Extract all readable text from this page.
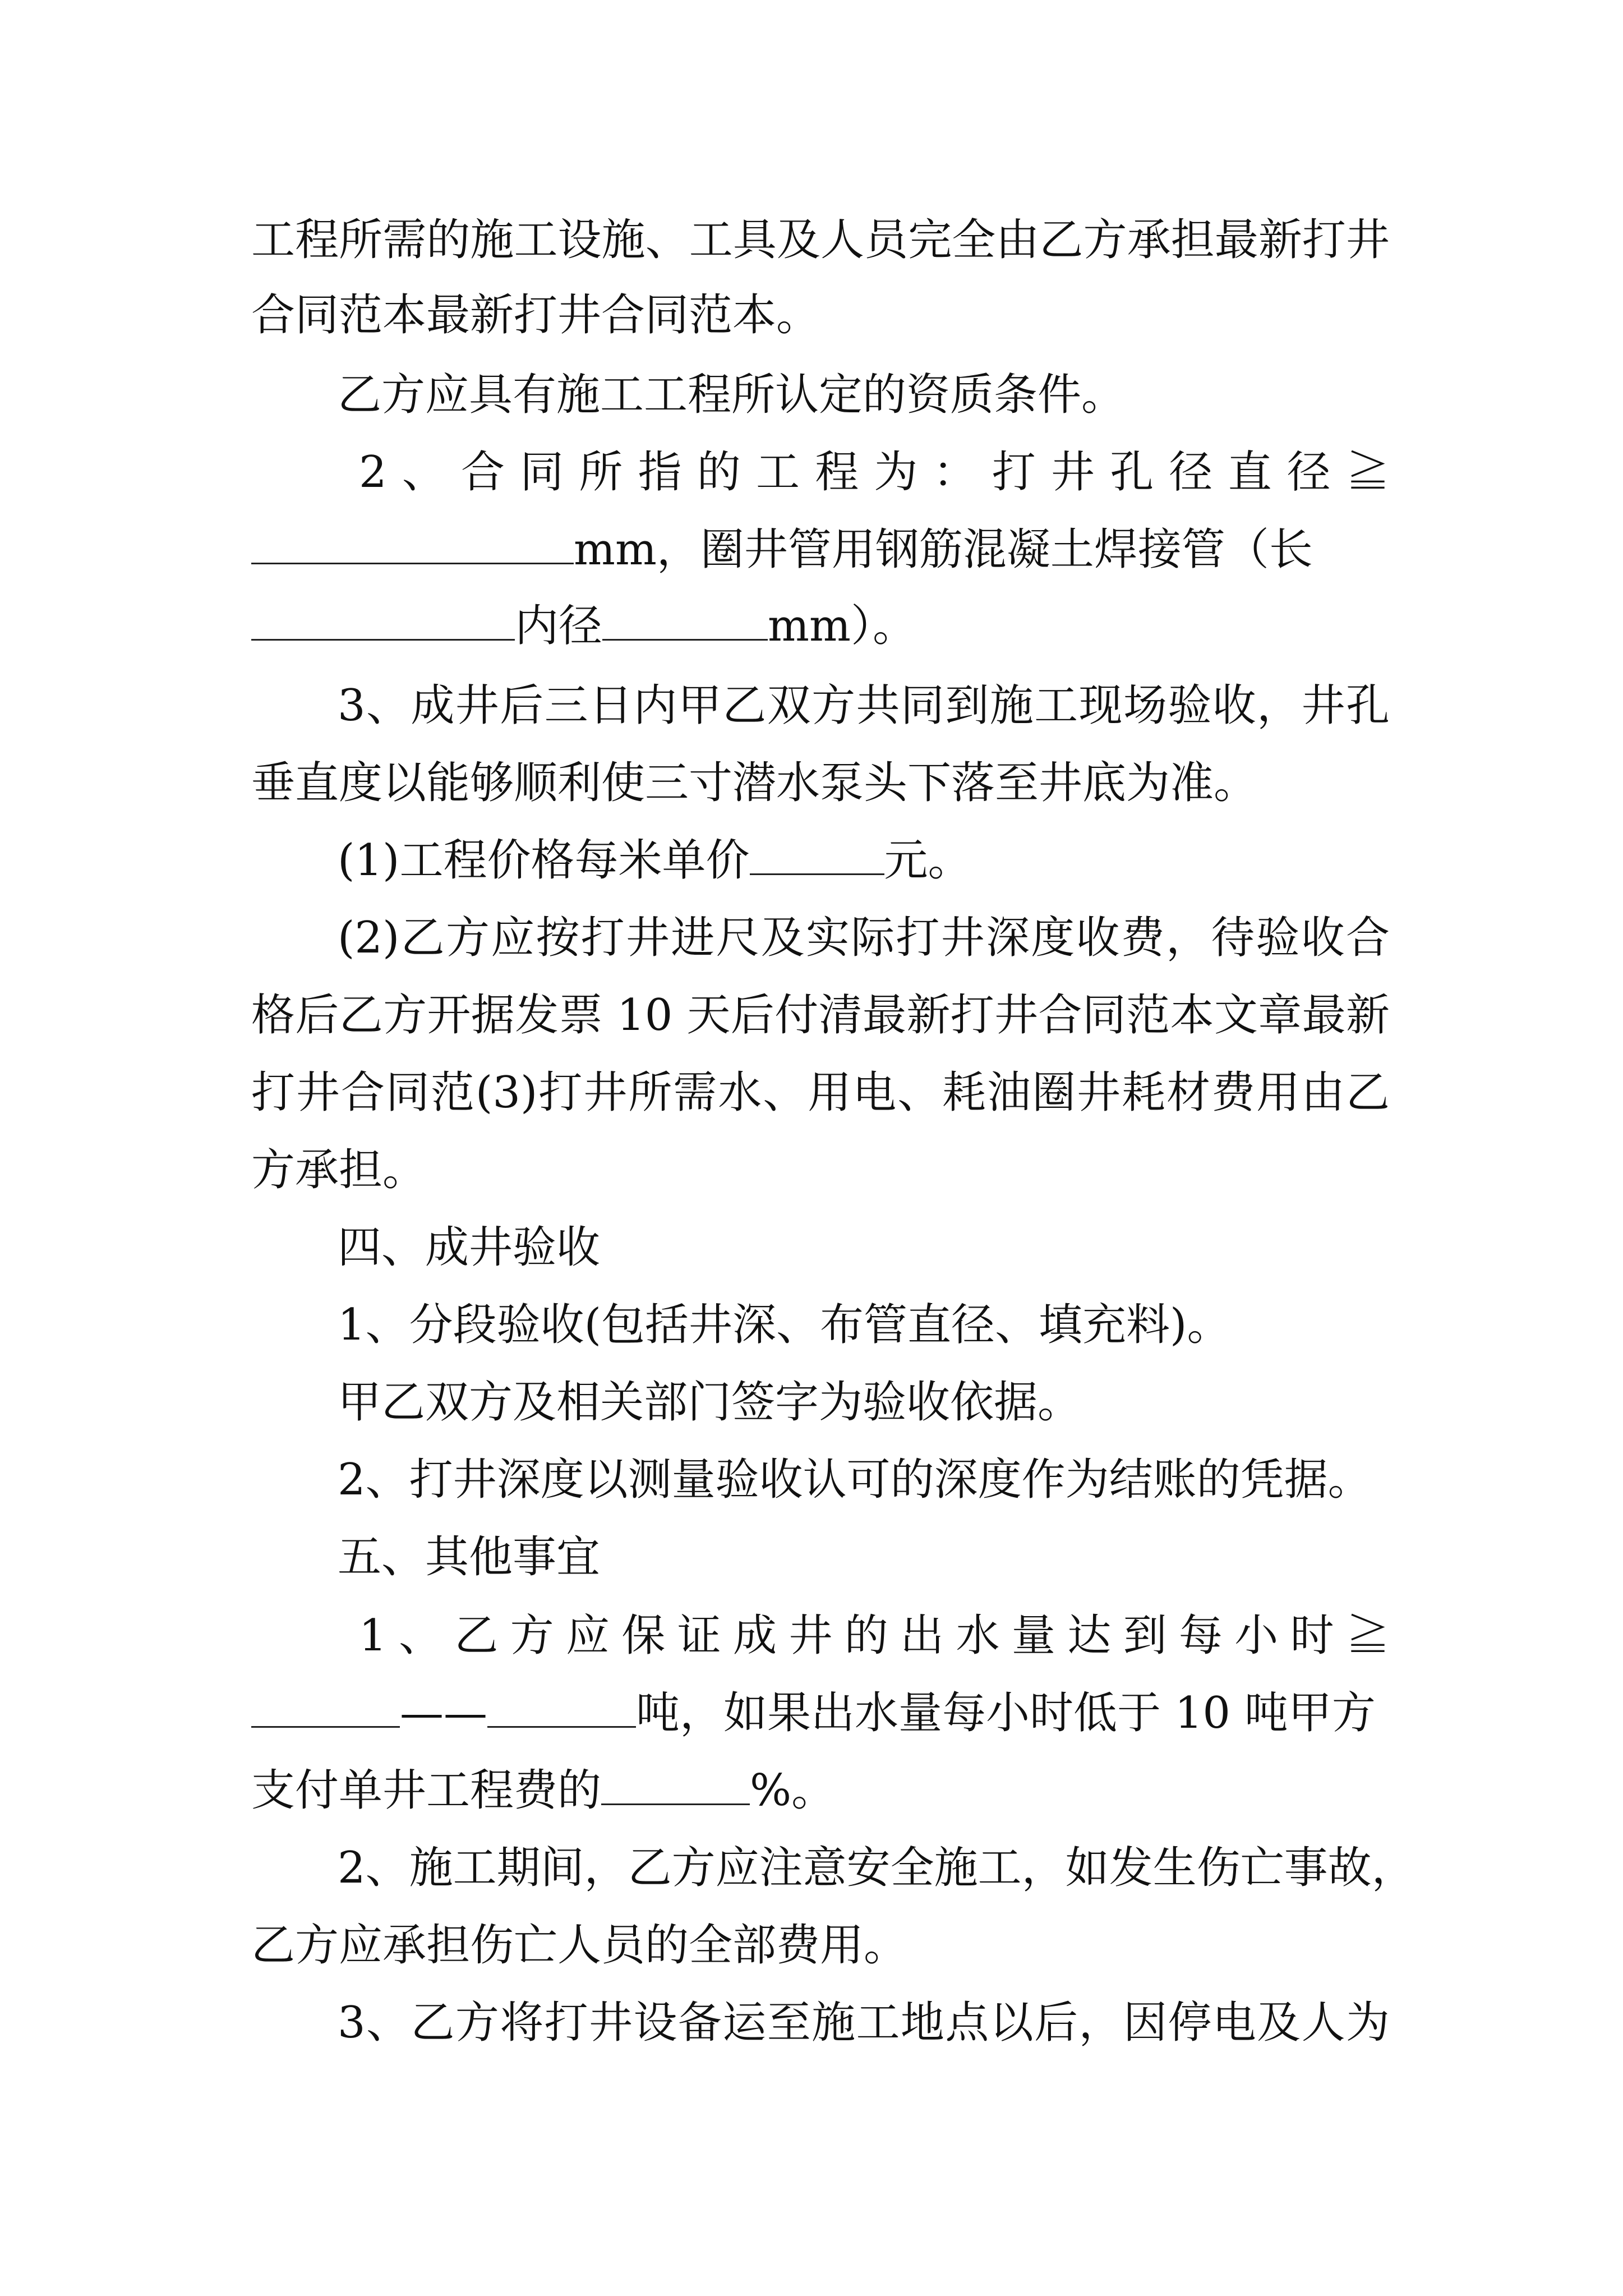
工程所需的施工设施、工具及人员完全由乙方承担最新打井
合同范本最新打井合同范本。
乙方应具有施工工程所认定的资质条件。
2、合同所指的工程为：打井孔径直径≧
mm，圈井管用钢筋混凝土焊接管（长
内径	mm）。
3、成井后三日内甲乙双方共同到施工现场验收，井孔
垂直度以能够顺利使三寸潜水泵头下落至井底为准。
(1)工程价格每米单价	元。
(2)乙方应按打井进尺及实际打井深度收费，待验收合
格后乙方开据发票 10 天后付清最新打井合同范本文章最新
打井合同范(3)打井所需水、用电、耗油圈井耗材费用由乙
方承担。
四、成井验收
1、分段验收(包括井深、布管直径、填充料)。
甲乙双方及相关部门签字为验收依据。
2、打井深度以测量验收认可的深度作为结账的凭据。
五、其他事宜
1、乙方应保证成井的出水量达到每小时≧
——	吨，如果出水量每小时低于 10 吨甲方
支付单井工程费的	%。
2、施工期间，乙方应注意安全施工，如发生伤亡事故，
乙方应承担伤亡人员的全部费用。
3、乙方将打井设备运至施工地点以后，因停电及人为
